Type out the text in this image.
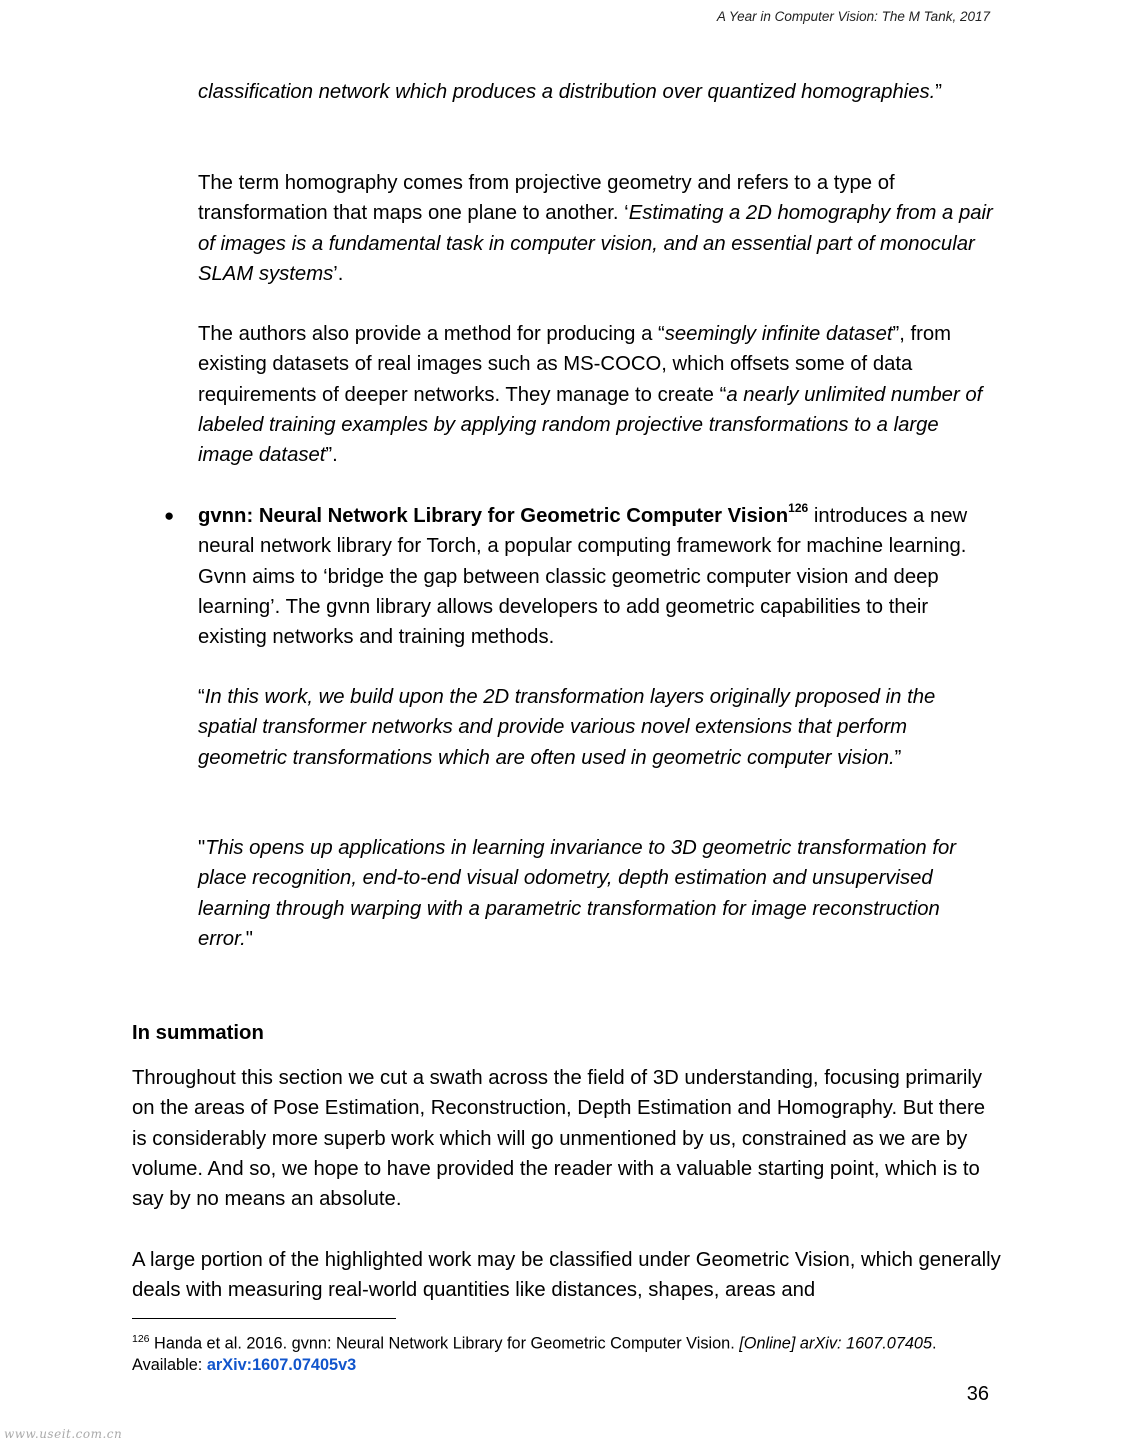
A Year in Computer Vision: The M Tank, 2017

classification network which produces a distribution over quantized homographies.”

The term homography comes from projective geometry and refers to a type of transformation that maps one plane to another. ‘Estimating a 2D homography from a pair of images is a fundamental task in computer vision, and an essential part of monocular SLAM systems’.

The authors also provide a method for producing a “seemingly infinite dataset”, from existing datasets of real images such as MS-COCO, which offsets some of data requirements of deeper networks. They manage to create “a nearly unlimited number of labeled training examples by applying random projective transformations to a large image dataset”.

● gvnn: Neural Network Library for Geometric Computer Vision$^{126}$ introduces a new neural network library for Torch, a popular computing framework for machine learning. Gvnn aims to ‘bridge the gap between classic geometric computer vision and deep learning’. The gvnn library allows developers to add geometric capabilities to their existing networks and training methods.

“In this work, we build upon the 2D transformation layers originally proposed in the spatial transformer networks and provide various novel extensions that perform geometric transformations which are often used in geometric computer vision.”

"This opens up applications in learning invariance to 3D geometric transformation for place recognition, end-to-end visual odometry, depth estimation and unsupervised learning through warping with a parametric transformation for image reconstruction error."

In summation

Throughout this section we cut a swath across the field of 3D understanding, focusing primarily on the areas of Pose Estimation, Reconstruction, Depth Estimation and Homography. But there is considerably more superb work which will go unmentioned by us, constrained as we are by volume. And so, we hope to have provided the reader with a valuable starting point, which is to say by no means an absolute.

A large portion of the highlighted work may be classified under Geometric Vision, which generally deals with measuring real-world quantities like distances, shapes, areas and

$^{126}$ Handa et al. 2016. gvnn: Neural Network Library for Geometric Computer Vision. [Online] arXiv: 1607.07405. Available: arXiv:1607.07405v3

36
www.useit.com.cn
